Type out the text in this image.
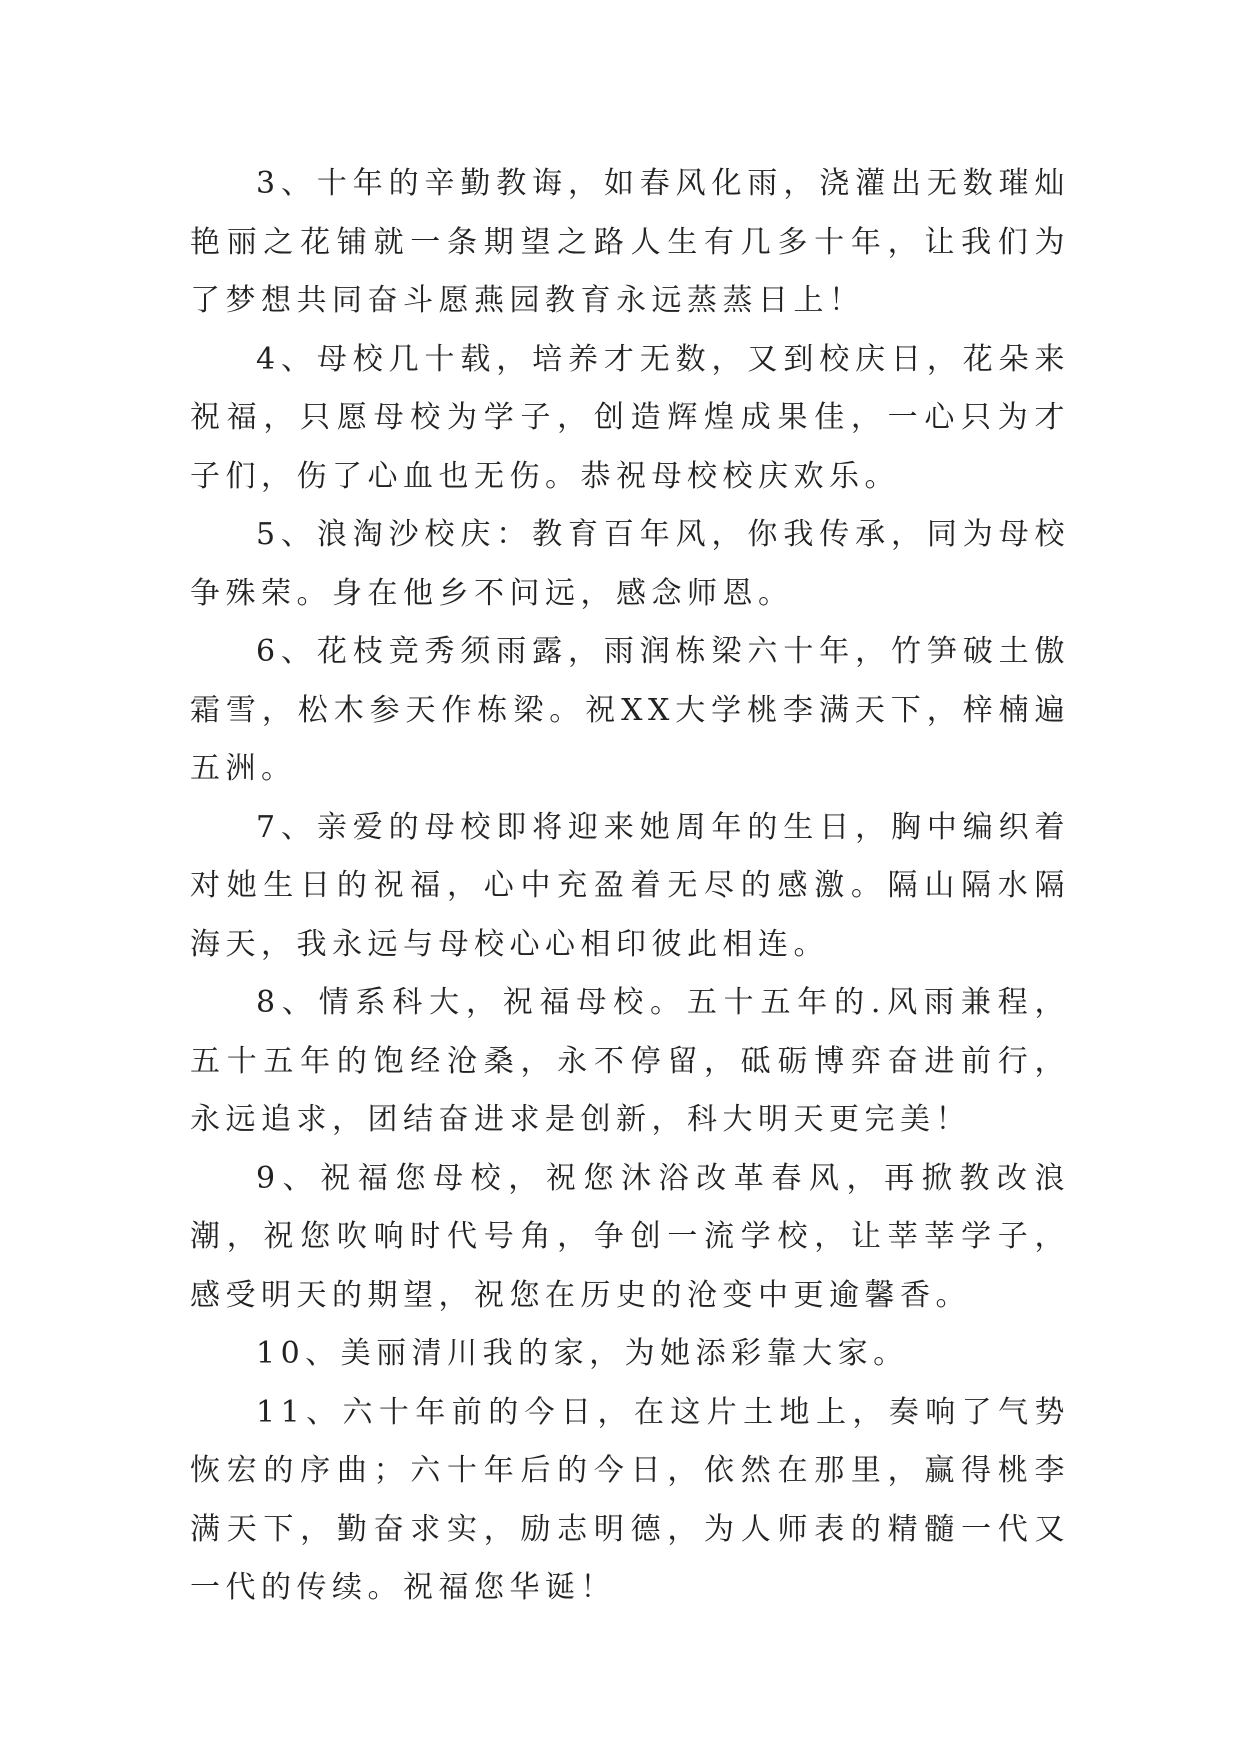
3、十年的辛勤教诲，如春风化雨，浇灌出无数璀灿艳丽之花铺就一条期望之路人生有几多十年，让我们为了梦想共同奋斗愿燕园教育永远蒸蒸日上！

4、母校几十载，培养才无数，又到校庆日，花朵来祝福，只愿母校为学子，创造辉煌成果佳，一心只为才子们，伤了心血也无伤。恭祝母校校庆欢乐。

5、浪淘沙校庆：教育百年风，你我传承，同为母校争殊荣。身在他乡不问远，感念师恩。

6、花枝竞秀须雨露，雨润栋梁六十年，竹笋破土傲霜雪，松木参天作栋梁。祝XX大学桃李满天下，梓楠遍五洲。

7、亲爱的母校即将迎来她周年的生日，胸中编织着对她生日的祝福，心中充盈着无尽的感激。隔山隔水隔海天，我永远与母校心心相印彼此相连。

8、情系科大，祝福母校。五十五年的.风雨兼程，五十五年的饱经沧桑，永不停留，砥砺博弈奋进前行，永远追求，团结奋进求是创新，科大明天更完美！

9、祝福您母校，祝您沐浴改革春风，再掀教改浪潮，祝您吹响时代号角，争创一流学校，让莘莘学子，感受明天的期望，祝您在历史的沧变中更逾馨香。

10、美丽清川我的家，为她添彩靠大家。

11、六十年前的今日，在这片土地上，奏响了气势恢宏的序曲；六十年后的今日，依然在那里，赢得桃李满天下，勤奋求实，励志明德，为人师表的精髓一代又一代的传续。祝福您华诞！
